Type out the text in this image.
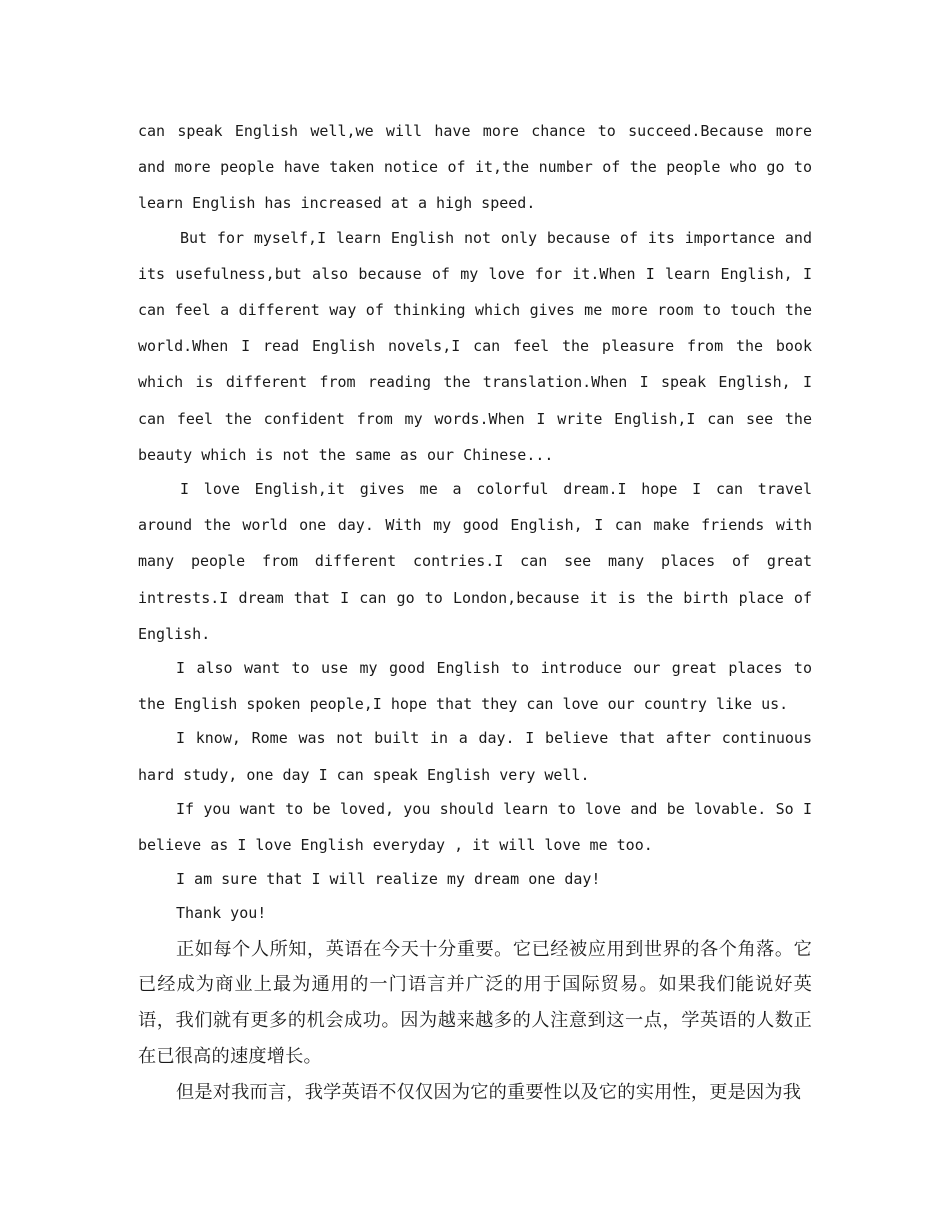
can speak English well,we will have more chance to succeed.Because more and more people have taken notice of it,the number of the people who go to learn English has increased at a high speed.

But for myself,I learn English not only because of its importance and its usefulness,but also because of my love for it.When I learn English, I can feel a different way of thinking which gives me more room to touch the world.When I read English novels,I can feel the pleasure from the book which is different from reading the translation.When I speak English, I can feel the confident from my words.When I write English,I can see the beauty which is not the same as our Chinese...

I love English,it gives me a colorful dream.I hope I can travel around the world one day. With my good English, I can make friends with many people from different contries.I can see many places of great intrests.I dream that I can go to London,because it is the birth place of English.

I also want to use my good English to introduce our great places to the English spoken people,I hope that they can love our country like us.

I know, Rome was not built in a day. I believe that after continuous hard study, one day I can speak English very well.

If you want to be loved, you should learn to love and be lovable. So I believe as I love English everyday , it will love me too.

I am sure that I will realize my dream one day!

Thank you!

正如每个人所知，英语在今天十分重要。它已经被应用到世界的各个角落。它已经成为商业上最为通用的一门语言并广泛的用于国际贸易。如果我们能说好英语，我们就有更多的机会成功。因为越来越多的人注意到这一点，学英语的人数正在已很高的速度增长。

但是对我而言，我学英语不仅仅因为它的重要性以及它的实用性，更是因为我
